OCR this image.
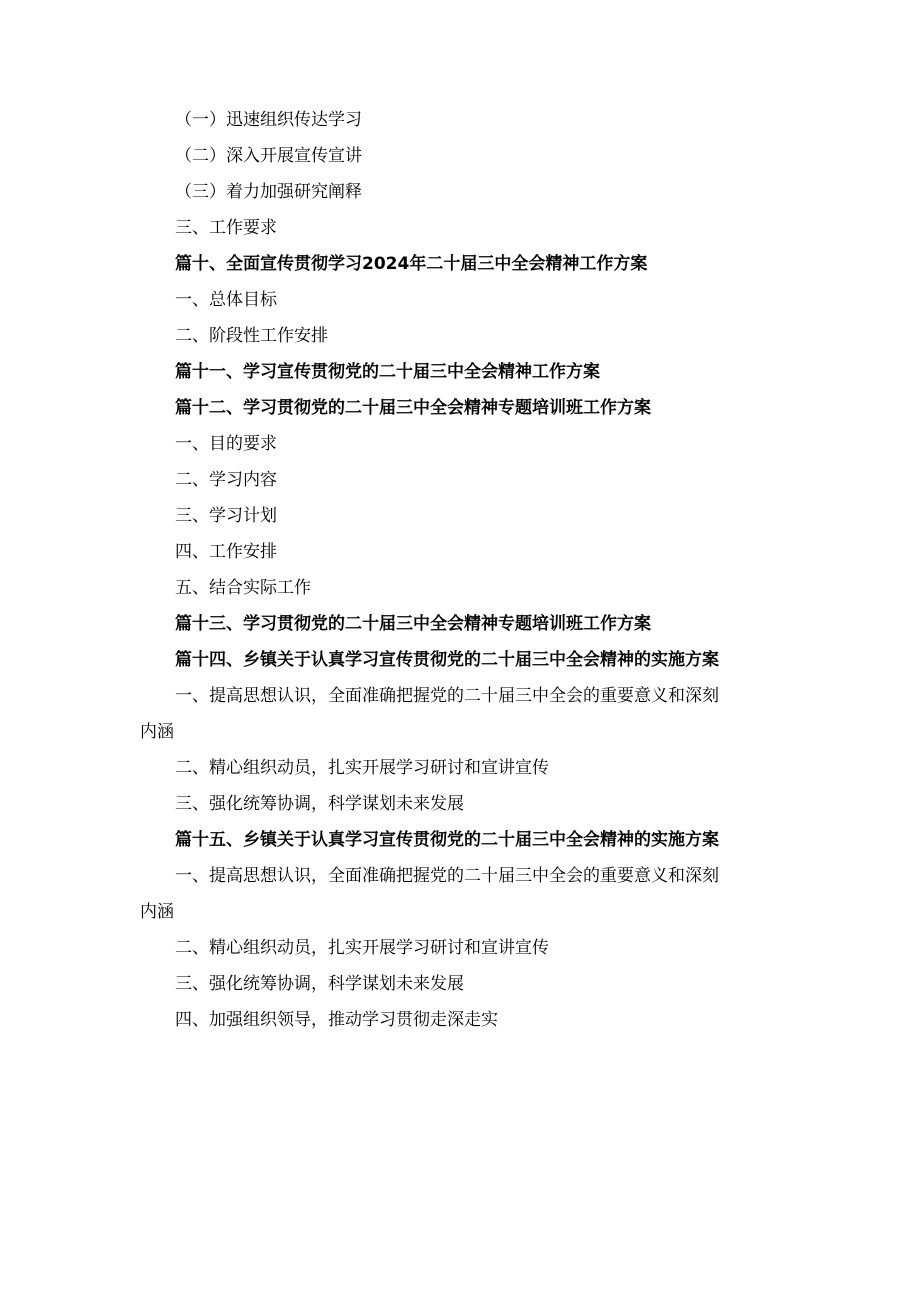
（一）迅速组织传达学习
（二）深入开展宣传宣讲
（三）着力加强研究阐释
三、工作要求
篇十、全面宣传贯彻学习2024年二十届三中全会精神工作方案
一、总体目标
二、阶段性工作安排
篇十一、学习宣传贯彻党的二十届三中全会精神工作方案
篇十二、学习贯彻党的二十届三中全会精神专题培训班工作方案
一、目的要求
二、学习内容
三、学习计划
四、工作安排
五、结合实际工作
篇十三、学习贯彻党的二十届三中全会精神专题培训班工作方案
篇十四、乡镇关于认真学习宣传贯彻党的二十届三中全会精神的实施方案
一、提高思想认识，全面准确把握党的二十届三中全会的重要意义和深刻
内涵
二、精心组织动员，扎实开展学习研讨和宣讲宣传
三、强化统筹协调，科学谋划未来发展
篇十五、乡镇关于认真学习宣传贯彻党的二十届三中全会精神的实施方案
一、提高思想认识，全面准确把握党的二十届三中全会的重要意义和深刻
内涵
二、精心组织动员，扎实开展学习研讨和宣讲宣传
三、强化统筹协调，科学谋划未来发展
四、加强组织领导，推动学习贯彻走深走实
